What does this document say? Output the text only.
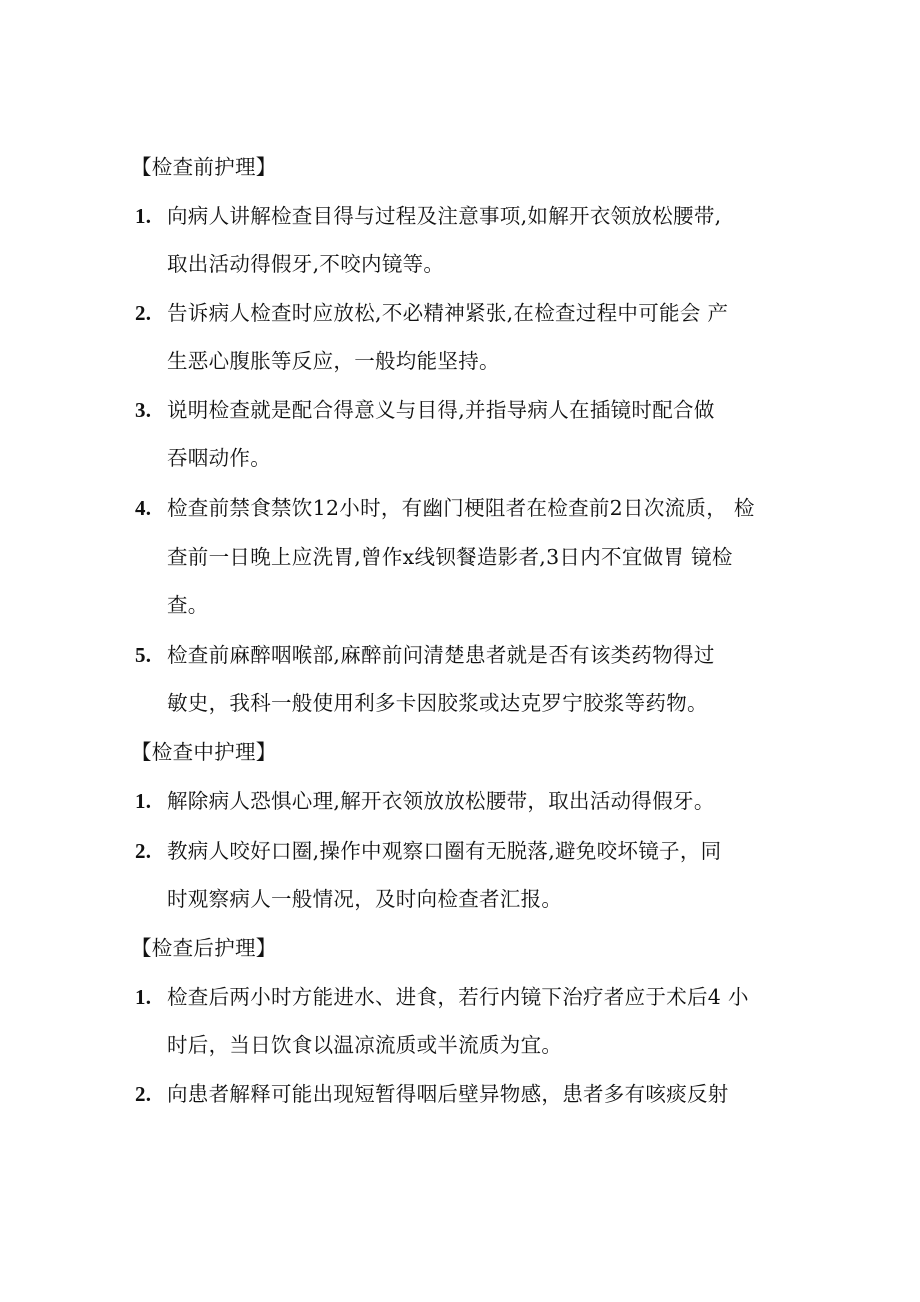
【检查前护理】
1. 向病人讲解检查目得与过程及注意事项,如解开衣领放松腰带,
取出活动得假牙,不咬内镜等。
2. 告诉病人检查时应放松,不必精神紧张,在检查过程中可能会 产
生恶心腹胀等反应，一般均能坚持。
3. 说明检查就是配合得意义与目得,并指导病人在插镜时配合做
吞咽动作。
4. 检查前禁食禁饮12小时，有幽门梗阻者在检查前2日次流质， 检
查前一日晚上应洗胃,曾作x线钡餐造影者,3日内不宜做胃 镜检
查。
5. 检查前麻醉咽喉部,麻醉前问清楚患者就是否有该类药物得过
敏史，我科一般使用利多卡因胶浆或达克罗宁胶浆等药物。
【检查中护理】
1. 解除病人恐惧心理,解开衣领放放松腰带，取出活动得假牙。
2. 教病人咬好口圈,操作中观察口圈有无脱落,避免咬坏镜子，同
时观察病人一般情况，及时向检查者汇报。
【检查后护理】
1. 检查后两小时方能进水、进食，若行内镜下治疗者应于术后4 小
时后，当日饮食以温凉流质或半流质为宜。
2. 向患者解释可能出现短暂得咽后壁异物感，患者多有咳痰反射
